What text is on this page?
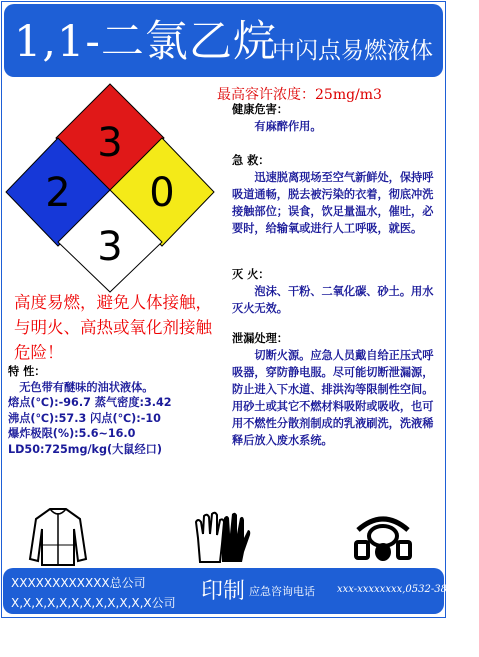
1,1-二氯乙烷
中闪点易燃液体
3
2 0
3
最高容许浓度：25mg/m3
健康危害：
有麻醉作用。
急 救：
迅速脱离现场至空气新鲜处，保持呼吸道通畅，脱去被污染的衣着，彻底冲洗接触部位；误食，饮足量温水，催吐，必要时，给输氧或进行人工呼吸，就医。
灭 火：
泡沫、干粉、二氧化碳、砂土。用水灭火无效。
泄漏处理：
切断火源。应急人员戴自给正压式呼吸器，穿防静电服。尽可能切断泄漏源，防止进入下水道、排洪沟等限制性空间。用砂土或其它不燃材料吸附或吸收，也可用不燃性分散剂制成的乳液刷洗，洗液稀释后放入废水系统。
高度易燃，避免人体接触，与明火、高热或氧化剂接触危险！
特 性：
无色带有醚味的油状液体。
熔点(℃):-96.7 蒸气密度:3.42
沸点(℃):57.3 闪点(℃):-10
爆炸极限(%):5.6~16.0
LD50:725mg/kg(大鼠经口)
XXXXXXXXXXXX总公司
X,X,X,X,X,X,X,X,X,X,X,X公司 印制 应急咨询电话 xxx-xxxxxxxx,0532-3889090
